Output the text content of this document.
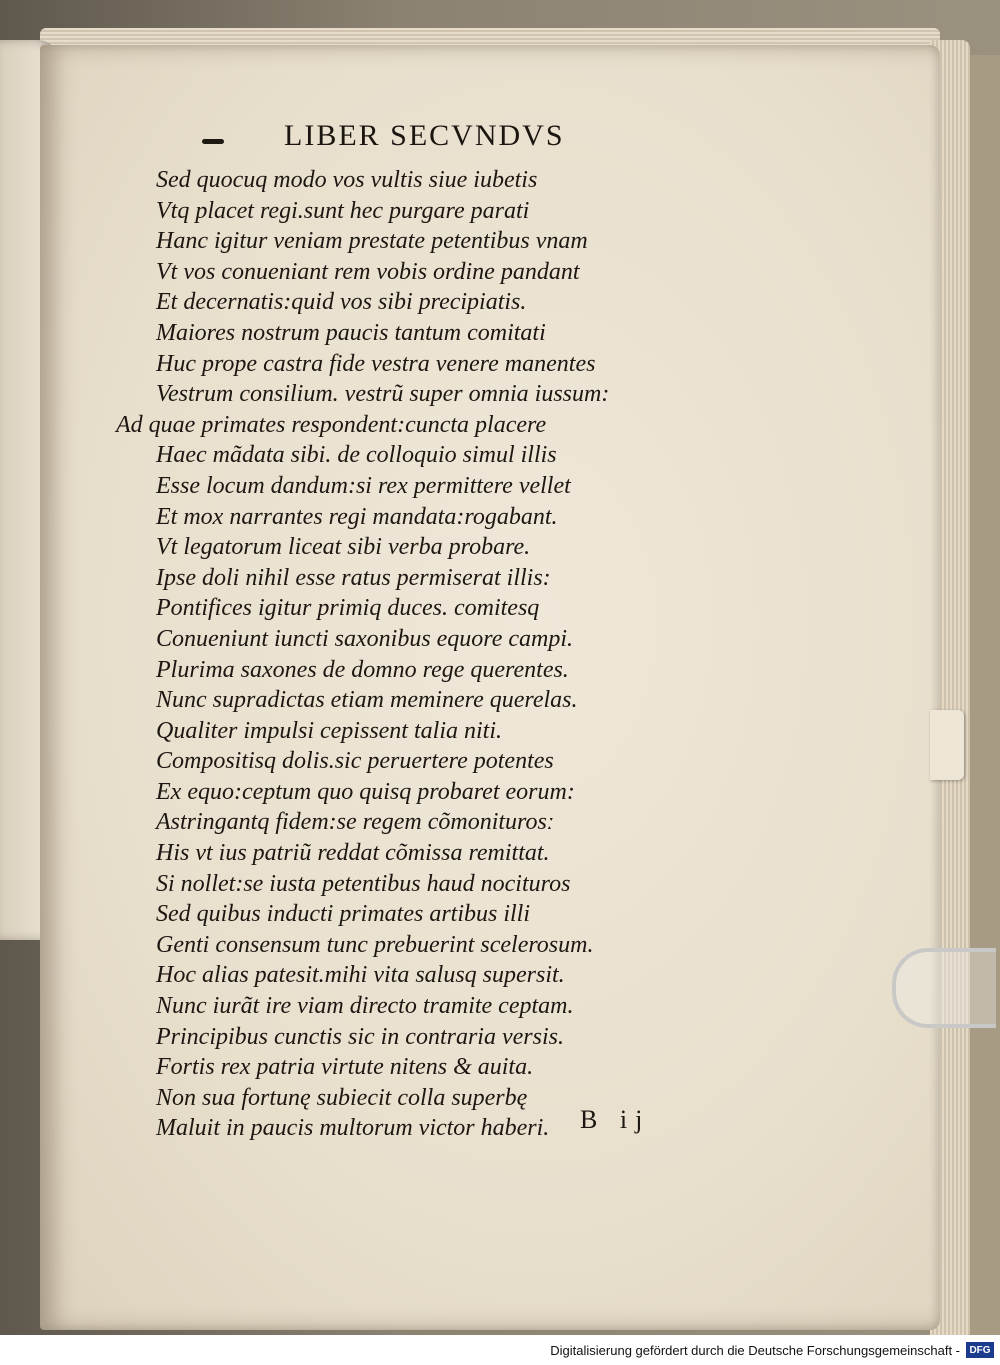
LIBER SECVNDVS
Sed quocuq modo vos vultis siue iubetis
Vtq placet regi.sunt hec purgare parati
Hanc igitur veniam prestate petentibus vnam
Vt vos conueniant rem vobis ordine pandant
Et decernatis:quid vos sibi precipiatis.
Maiores nostrum paucis tantum comitati
Huc prope castra fide vestra venere manentes
Vestrum consilium. vestrũ super omnia iussum:
Ad quae primates respondent:cuncta placere
Haec mãdata sibi. de colloquio simul illis
Esse locum dandum:si rex permittere vellet
Et mox narrantes regi mandata:rogabant.
Vt legatorum liceat sibi verba probare.
Ipse doli nihil esse ratus permiserat illis:
Pontifices igitur primiq duces. comitesq
Conueniunt iuncti saxonibus equore campi.
Plurima saxones de domno rege querentes.
Nunc supradictas etiam meminere querelas.
Qualiter impulsi cepissent talia niti.
Compositisq dolis.sic peruertere potentes
Ex equo:ceptum quo quisq probaret eorum:
Astringantq fidem:se regem cõmoniturosː
His vt ius patriũ reddat cõmissa remittat.
Si nollet:se iusta petentibus haud nocituros
Sed quibus inducti primates artibus illi
Genti consensum tunc prebuerint scelerosum.
Hoc alias patesit.mihi vita salusq supersit.
Nunc iurãt ire viam directo tramite ceptam.
Principibus cunctis sic in contraria versis.
Fortis rex patria virtute nitens & auita.
Non sua fortunę subiecit colla superbę
Maluit in paucis multorum victor haberi.	B ij
Digitalisierung gefördert durch die Deutsche Forschungsgemeinschaft - DFG
